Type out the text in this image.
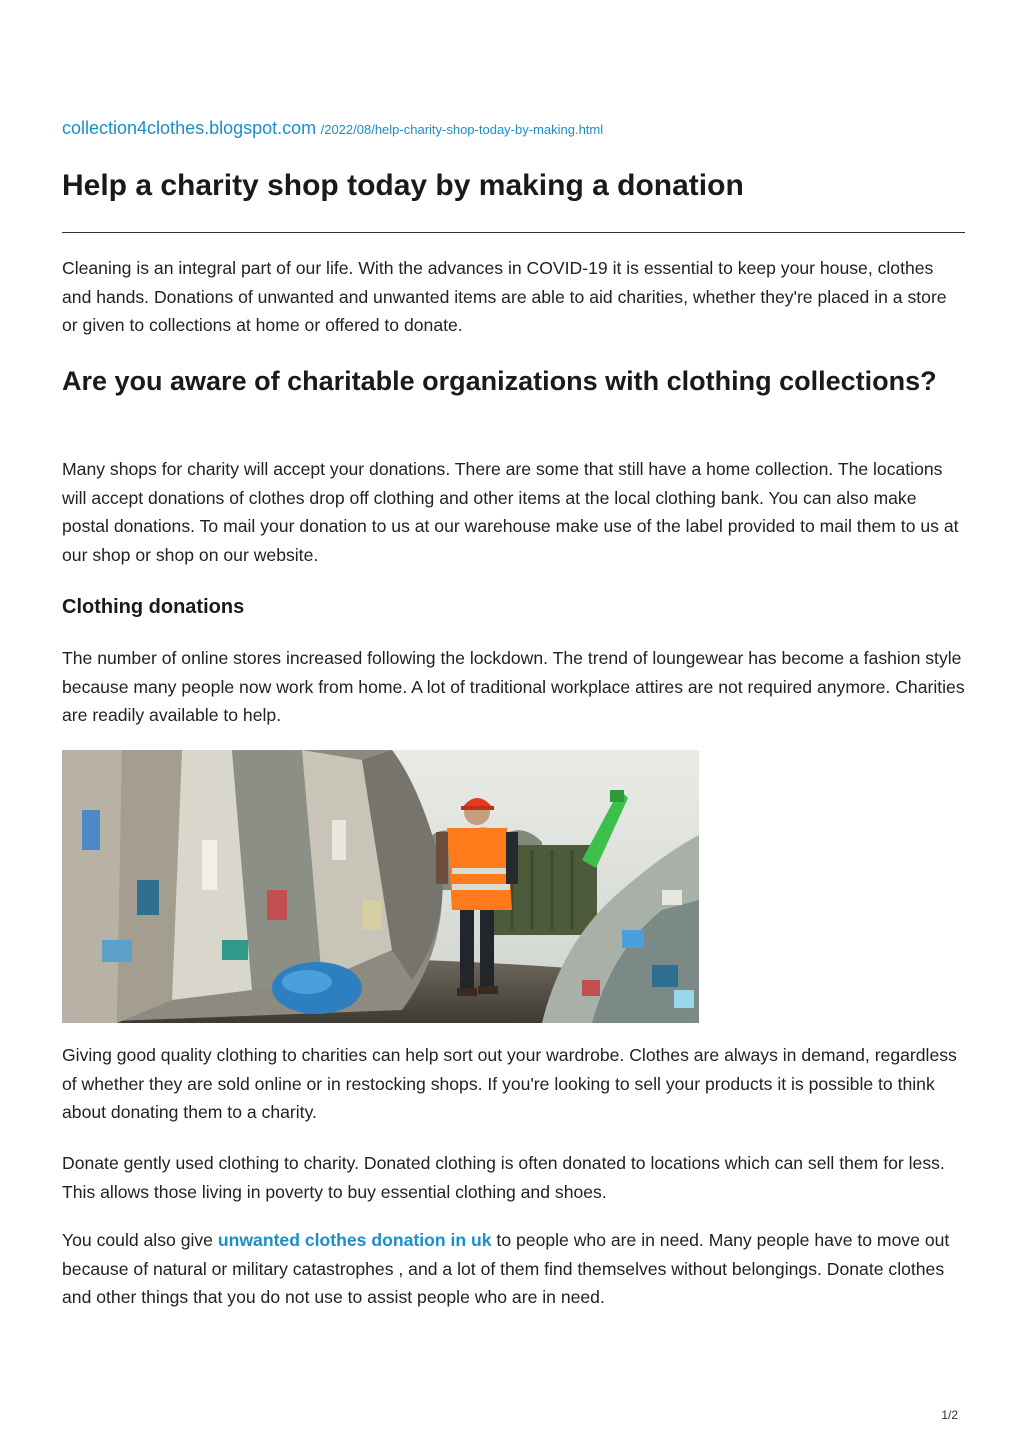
collection4clothes.blogspot.com /2022/08/help-charity-shop-today-by-making.html
Help a charity shop today by making a donation

Cleaning is an integral part of our life. With the advances in COVID-19 it is essential to keep your house, clothes and hands. Donations of unwanted and unwanted items are able to aid charities, whether they're placed in a store or given to collections at home or offered to donate.

Are you aware of charitable organizations with clothing collections?

Many shops for charity will accept your donations. There are some that still have a home collection. The locations will accept donations of clothes drop off clothing and other items at the local clothing bank. You can also make postal donations. To mail your donation to us at our warehouse make use of the label provided to mail them to us at our shop or shop on our website.

Clothing donations

The number of online stores increased following the lockdown. The trend of loungewear has become a fashion style because many people now work from home. A lot of traditional workplace attires are not required anymore. Charities are readily available to help.

Giving good quality clothing to charities can help sort out your wardrobe. Clothes are always in demand, regardless of whether they are sold online or in restocking shops. If you're looking to sell your products it is possible to think about donating them to a charity.

Donate gently used clothing to charity. Donated clothing is often donated to locations which can sell them for less. This allows those living in poverty to buy essential clothing and shoes.

You could also give unwanted clothes donation in uk to people who are in need. Many people have to move out because of natural or military catastrophes , and a lot of them find themselves without belongings. Donate clothes and other things that you do not use to assist people who are in need.

1/2
